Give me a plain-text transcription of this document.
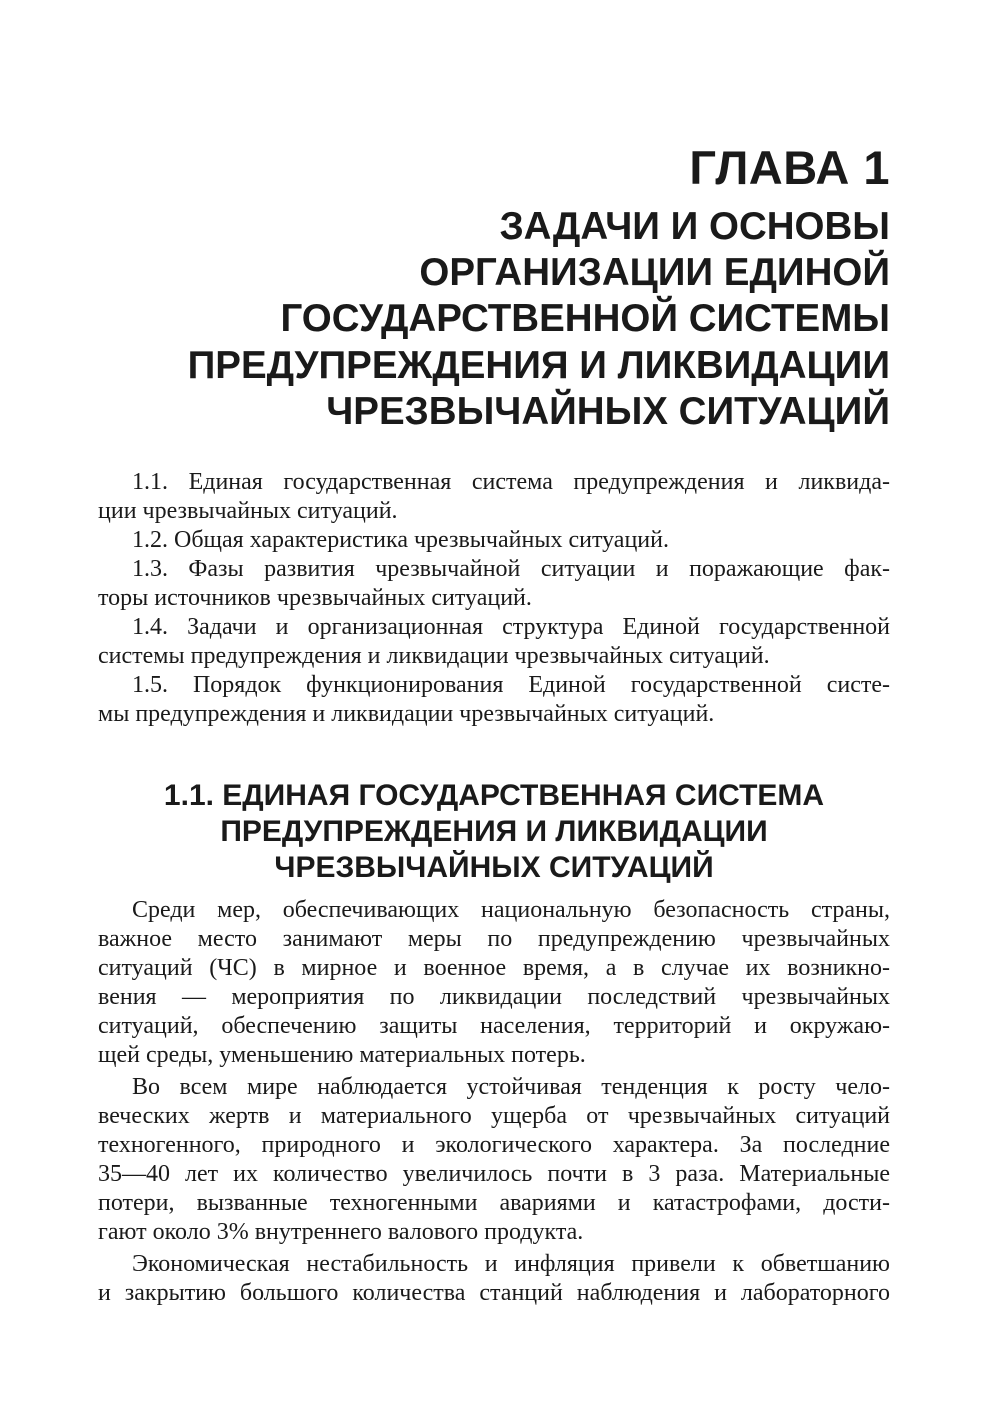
ГЛАВА 1
ЗАДАЧИ И ОСНОВЫ
ОРГАНИЗАЦИИ ЕДИНОЙ
ГОСУДАРСТВЕННОЙ СИСТЕМЫ
ПРЕДУПРЕЖДЕНИЯ И ЛИКВИДАЦИИ
ЧРЕЗВЫЧАЙНЫХ СИТУАЦИЙ
1.1. Единая государственная система предупреждения и ликвида-
ции чрезвычайных ситуаций.
1.2. Общая характеристика чрезвычайных ситуаций.
1.3. Фазы развития чрезвычайной ситуации и поражающие фак-
торы источников чрезвычайных ситуаций.
1.4. Задачи и организационная структура Единой государственной
системы предупреждения и ликвидации чрезвычайных ситуаций.
1.5. Порядок функционирования Единой государственной систе-
мы предупреждения и ликвидации чрезвычайных ситуаций.
1.1. ЕДИНАЯ ГОСУДАРСТВЕННАЯ СИСТЕМА
ПРЕДУПРЕЖДЕНИЯ И ЛИКВИДАЦИИ
ЧРЕЗВЫЧАЙНЫХ СИТУАЦИЙ

Среди мер, обеспечивающих национальную безопасность страны,
важное место занимают меры по предупреждению чрезвычайных
ситуаций (ЧС) в мирное и военное время, а в случае их возникно-
вения — мероприятия по ликвидации последствий чрезвычайных
ситуаций, обеспечению защиты населения, территорий и окружаю-
щей среды, уменьшению материальных потерь.

Во всем мире наблюдается устойчивая тенденция к росту чело-
веческих жертв и материального ущерба от чрезвычайных ситуаций
техногенного, природного и экологического характера. За последние
35—40 лет их количество увеличилось почти в 3 раза. Материальные
потери, вызванные техногенными авариями и катастрофами, дости-
гают около 3% внутреннего валового продукта.

Экономическая нестабильность и инфляция привели к обветшанию
и закрытию большого количества станций наблюдения и лабораторного
